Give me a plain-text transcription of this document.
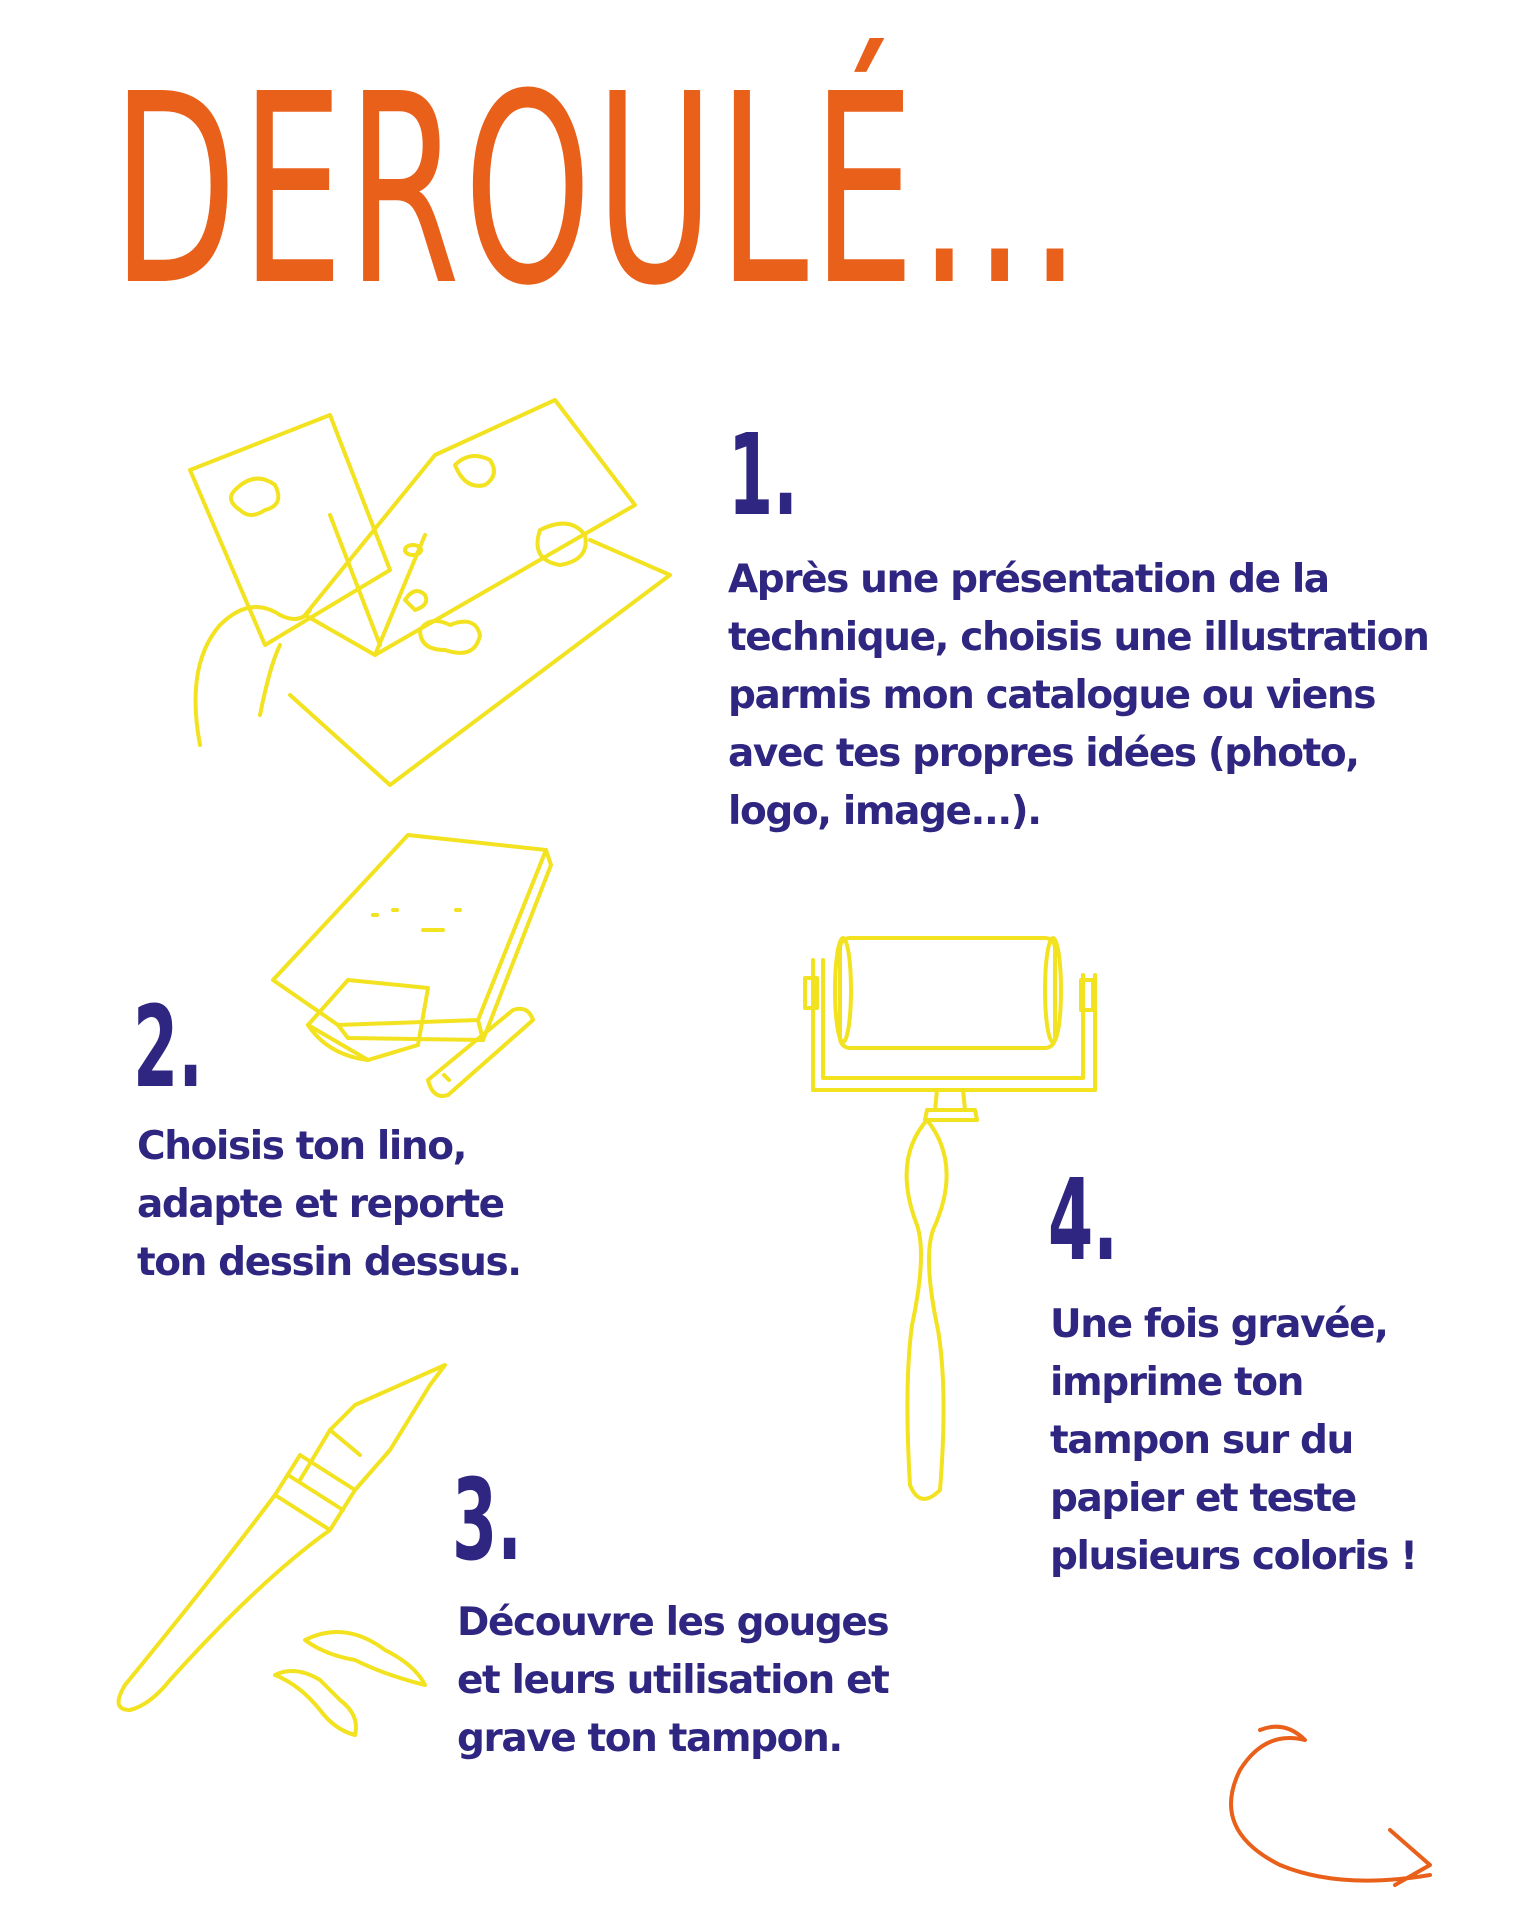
DEROULÉ...
1.
Après une présentation de la
technique, choisis une illustration
parmis mon catalogue ou viens
avec tes propres idées (photo,
logo, image...).
2.
Choisis ton lino,
adapte et reporte
ton dessin dessus.	4.
Une fois gravée,
imprime ton
tampon sur du
papier et teste
plusieurs coloris !
3.
Découvre les gouges
et leurs utilisation et
grave ton tampon.
